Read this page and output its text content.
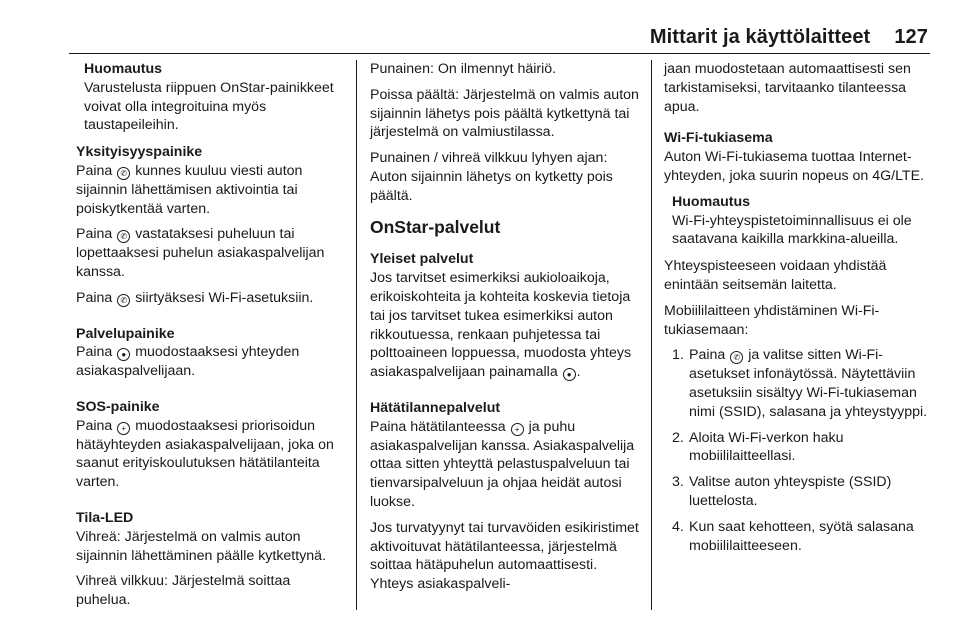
Mittarit ja käyttölaitteet 127
Huomautus
Varustelusta riippuen OnStar-painikkeet voivat olla integroituina myös taustapeileihin.

Yksityisyyspainike

Paina ✆ kunnes kuuluu viesti auton sijainnin lähettämisen aktivointia tai poiskytkentää varten.

Paina ✆ vastataksesi puheluun tai lopettaaksesi puhelun asiakaspalvelijan kanssa.

Paina ✆ siirtyäksesi Wi-Fi-asetuksiin.

Palvelupainike

Paina ● muodostaaksesi yhteyden asiakaspalvelijaan.

SOS-painike

Paina + muodostaaksesi priorisoidun hätäyhteyden asiakaspalvelijaan, joka on saanut erityiskoulutuksen hätätilanteita varten.

Tila-LED

Vihreä: Järjestelmä on valmis auton sijainnin lähettäminen päälle kytkettynä.

Vihreä vilkkuu: Järjestelmä soittaa puhelua.

Punainen: On ilmennyt häiriö.

Poissa päältä: Järjestelmä on valmis auton sijainnin lähetys pois päältä kytkettynä tai järjestelmä on valmiustilassa.

Punainen / vihreä vilkkuu lyhyen ajan: Auton sijainnin lähetys on kytketty pois päältä.

OnStar-palvelut

Yleiset palvelut

Jos tarvitset esimerkiksi aukioloaikoja, erikoiskohteita ja kohteita koskevia tietoja tai jos tarvitset tukea esimerkiksi auton rikkoutuessa, renkaan puhjetessa tai polttoaineen loppuessa, muodosta yhteys asiakaspalvelijaan painamalla ● .

Hätätilannepalvelut

Paina hätätilanteessa + ja puhu asiakaspalvelijan kanssa. Asiakaspalvelija ottaa sitten yhteyttä pelastuspalveluun tai tienvarsipalveluun ja ohjaa heidät autosi luokse.

Jos turvatyynyt tai turvavöiden esikiristimet aktivoituvat hätätilanteessa, järjestelmä soittaa hätäpuhelun automaattisesti. Yhteys asiakaspalveli-

jaan muodostetaan automaattisesti sen tarkistamiseksi, tarvitaanko tilanteessa apua.

Wi-Fi-tukiasema

Auton Wi-Fi-tukiasema tuottaa Internet-yhteyden, joka suurin nopeus on 4G/LTE.

Huomautus
Wi-Fi-yhteyspistetoiminnallisuus ei ole saatavana kaikilla markkina-alueilla.

Yhteyspisteeseen voidaan yhdistää enintään seitsemän laitetta.

Mobiililaitteen yhdistäminen Wi-Fi-tukiasemaan:

1. Paina ✆ ja valitse sitten Wi-Fi-asetukset infonäytössä. Näytettäviin asetuksiin sisältyy Wi-Fi-tukiaseman nimi (SSID), salasana ja yhteystyyppi.
2. Aloita Wi-Fi-verkon haku mobiililaitteellasi.
3. Valitse auton yhteyspiste (SSID) luettelosta.
4. Kun saat kehotteen, syötä salasana mobiililaitteeseen.
